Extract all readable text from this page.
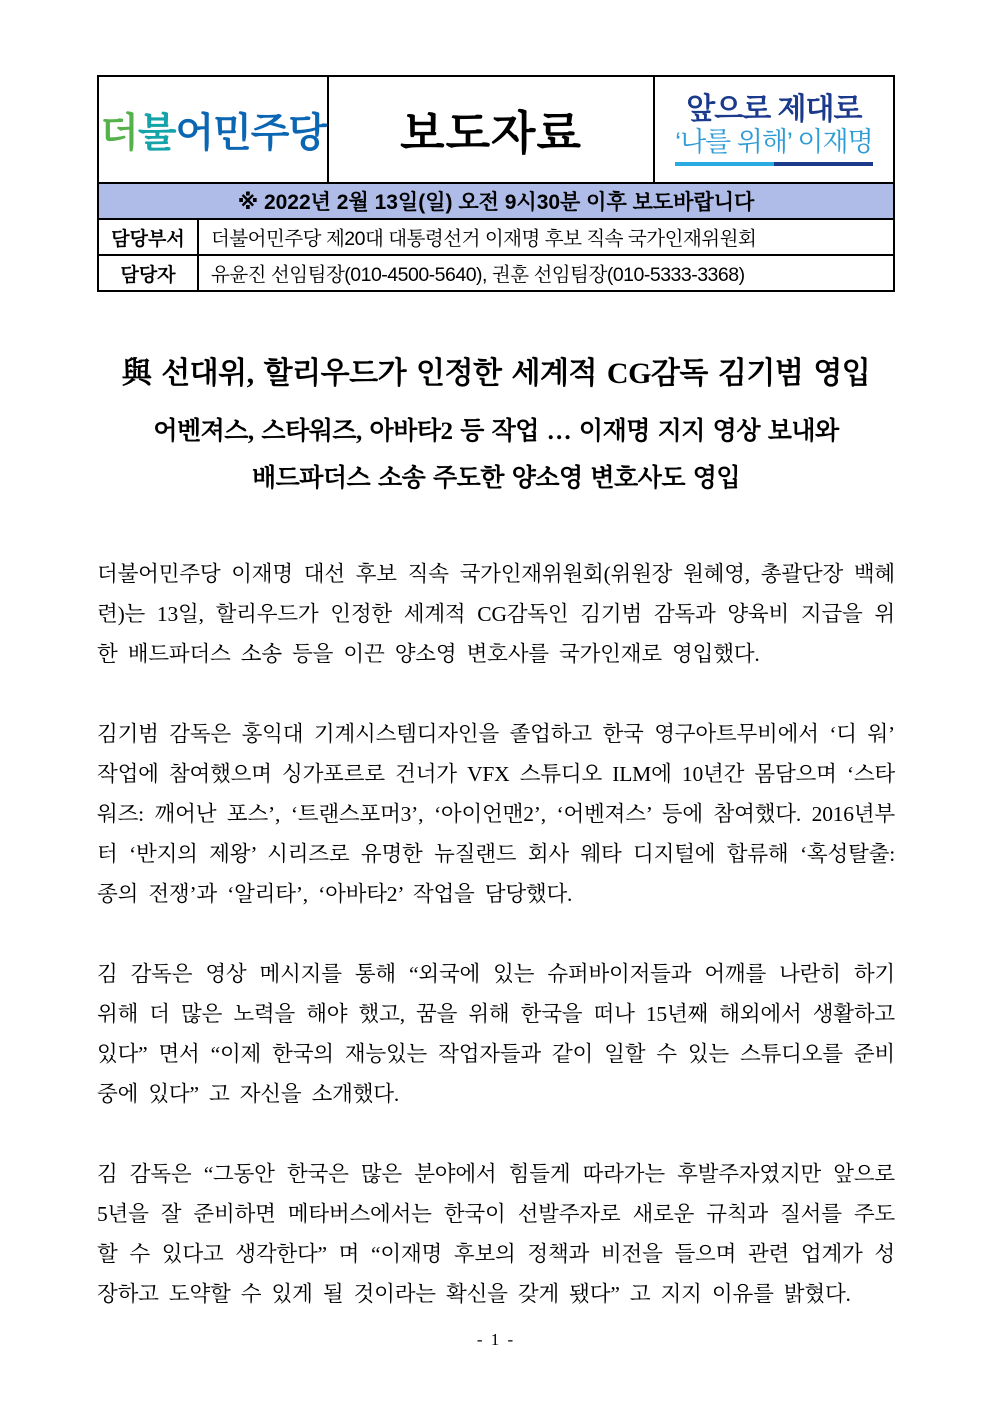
더불어민주당 보도자료	앞으로 제대로
‘나를 위해’ 이재명
※ 2022년 2월 13일(일) 오전 9시30분 이후 보도바랍니다
담당부서	더불어민주당 제20대 대통령선거 이재명 후보 직속 국가인재위원회
담당자	유윤진 선임팀장(010-4500-5640), 권훈 선임팀장(010-5333-3368)
與 선대위, 할리우드가 인정한 세계적 CG감독 김기범 영입
어벤져스, 스타워즈, 아바타2 등 작업 … 이재명 지지 영상 보내와
배드파더스 소송 주도한 양소영 변호사도 영입

더불어민주당 이재명 대선 후보 직속 국가인재위원회(위원장 원혜영, 총괄단장 백혜련)는 13일, 할리우드가 인정한 세계적 CG감독인 김기범 감독과 양육비 지급을 위한 배드파더스 소송 등을 이끈 양소영 변호사를 국가인재로 영입했다.

김기범 감독은 홍익대 기계시스템디자인을 졸업하고 한국 영구아트무비에서 ‘디 워’ 작업에 참여했으며 싱가포르로 건너가 VFX 스튜디오 ILM에 10년간 몸담으며 ‘스타워즈: 깨어난 포스’, ‘트랜스포머3’, ‘아이언맨2’, ‘어벤져스’ 등에 참여했다. 2016년부터 ‘반지의 제왕’ 시리즈로 유명한 뉴질랜드 회사 웨타 디지털에 합류해 ‘혹성탈출: 종의 전쟁’과 ‘알리타’, ‘아바타2’ 작업을 담당했다.

김 감독은 영상 메시지를 통해 “외국에 있는 슈퍼바이저들과 어깨를 나란히 하기 위해 더 많은 노력을 해야 했고, 꿈을 위해 한국을 떠나 15년째 해외에서 생활하고 있다” 면서 “이제 한국의 재능있는 작업자들과 같이 일할 수 있는 스튜디오를 준비 중에 있다” 고 자신을 소개했다.

김 감독은 “그동안 한국은 많은 분야에서 힘들게 따라가는 후발주자였지만 앞으로 5년을 잘 준비하면 메타버스에서는 한국이 선발주자로 새로운 규칙과 질서를 주도할 수 있다고 생각한다” 며 “이재명 후보의 정책과 비전을 들으며 관련 업계가 성장하고 도약할 수 있게 될 것이라는 확신을 갖게 됐다” 고 지지 이유를 밝혔다.

- 1 -
